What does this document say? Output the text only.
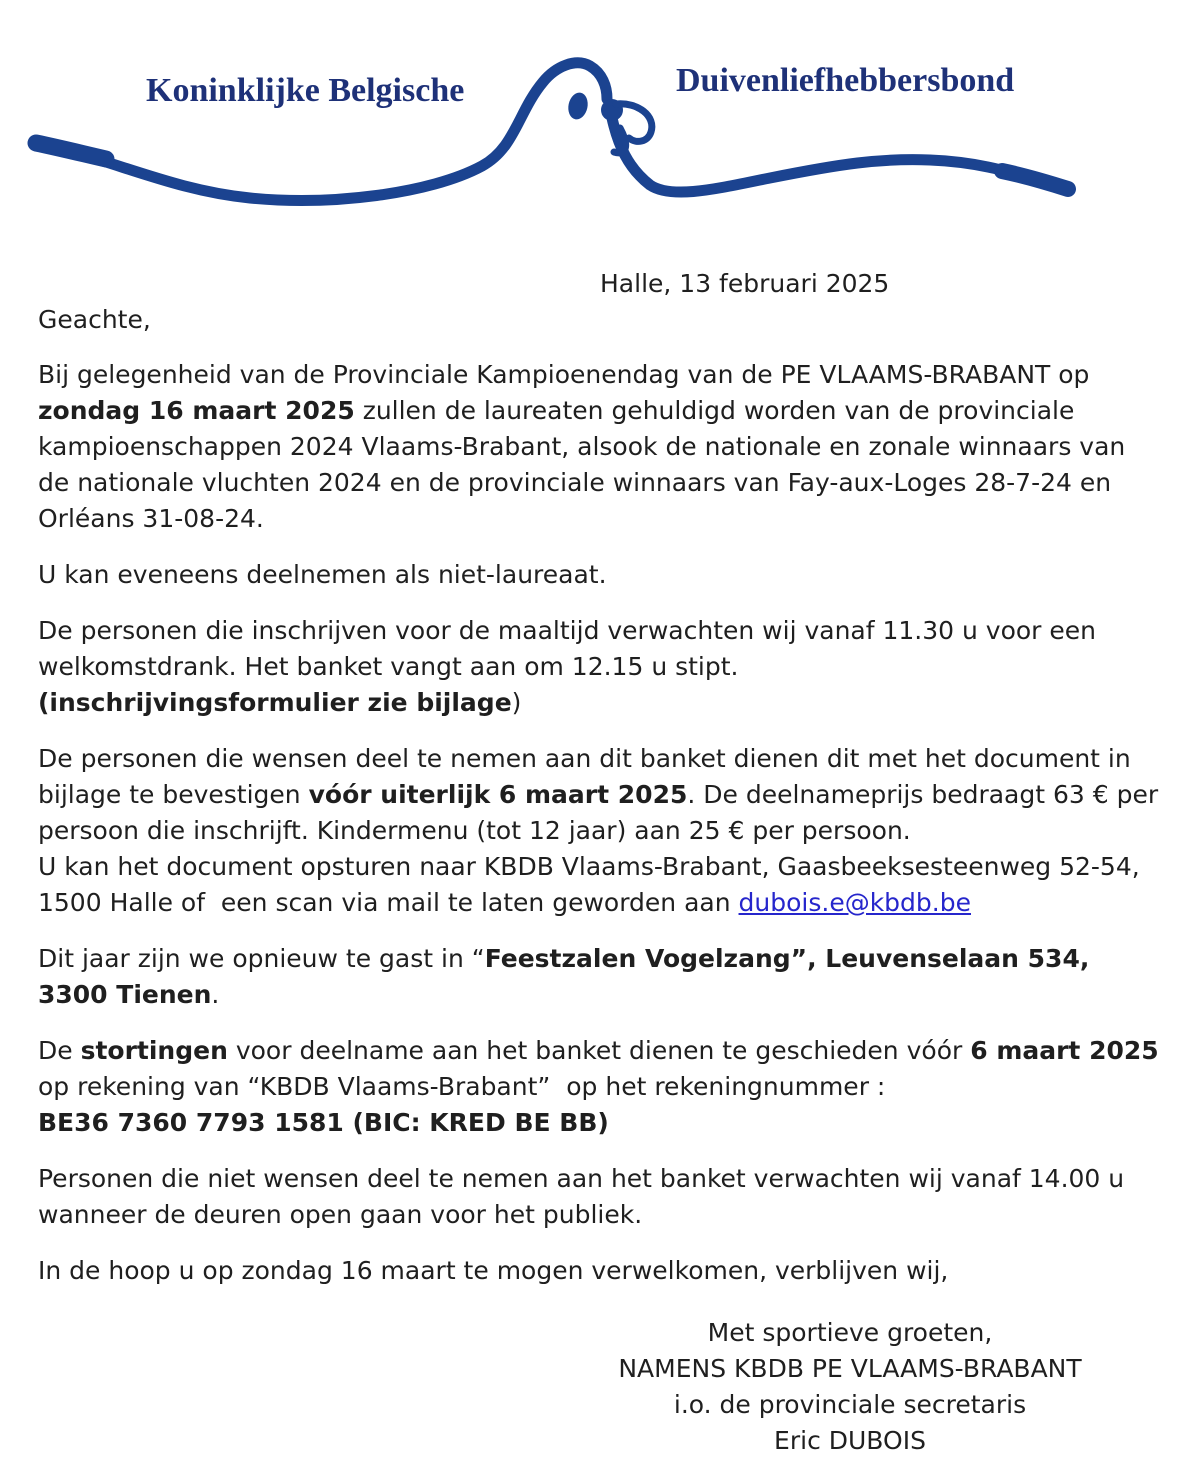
Koninklijke Belgische	Duivenliefhebbersbond

Halle, 13 februari 2025

Geachte,

Bij gelegenheid van de Provinciale Kampioenendag van de PE VLAAMS-BRABANT op zondag 16 maart 2025 zullen de laureaten gehuldigd worden van de provinciale kampioenschappen 2024 Vlaams-Brabant, alsook de nationale en zonale winnaars van de nationale vluchten 2024 en de provinciale winnaars van Fay-aux-Loges 28-7-24 en Orléans 31-08-24.

U kan eveneens deelnemen als niet-laureaat.

De personen die inschrijven voor de maaltijd verwachten wij vanaf 11.30 u voor een welkomstdrank. Het banket vangt aan om 12.15 u stipt.
(inschrijvingsformulier zie bijlage)

De personen die wensen deel te nemen aan dit banket dienen dit met het document in bijlage te bevestigen vóór uiterlijk 6 maart 2025. De deelnameprijs bedraagt 63 € per persoon die inschrijft. Kindermenu (tot 12 jaar) aan 25 € per persoon.
U kan het document opsturen naar KBDB Vlaams-Brabant, Gaasbeeksesteenweg 52-54, 1500 Halle of  een scan via mail te laten geworden aan dubois.e@kbdb.be

Dit jaar zijn we opnieuw te gast in “Feestzalen Vogelzang”, Leuvenselaan 534, 3300 Tienen.

De stortingen voor deelname aan het banket dienen te geschieden vóór 6 maart 2025 op rekening van “KBDB Vlaams-Brabant”  op het rekeningnummer :
BE36 7360 7793 1581 (BIC: KRED BE BB)

Personen die niet wensen deel te nemen aan het banket verwachten wij vanaf 14.00 u wanneer de deuren open gaan voor het publiek.

In de hoop u op zondag 16 maart te mogen verwelkomen, verblijven wij,

Met sportieve groeten,
NAMENS KBDB PE VLAAMS-BRABANT
i.o. de provinciale secretaris
Eric DUBOIS
